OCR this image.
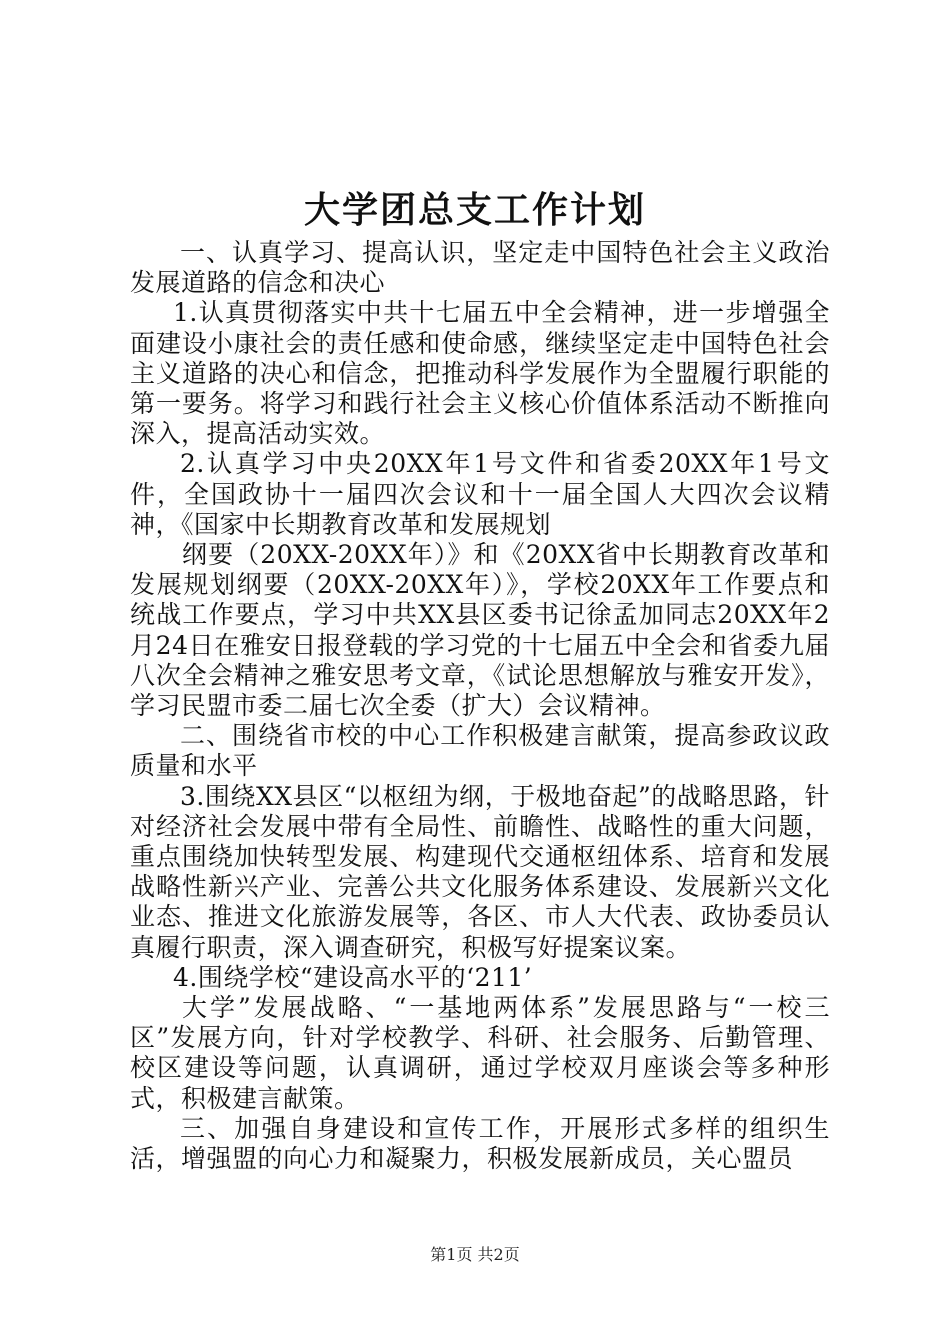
大学团总支工作计划

一、认真学习、提高认识，坚定走中国特色社会主义政治发展道路的信念和决心

1.认真贯彻落实中共十七届五中全会精神，进一步增强全面建设小康社会的责任感和使命感，继续坚定走中国特色社会主义道路的决心和信念，把推动科学发展作为全盟履行职能的第一要务。将学习和践行社会主义核心价值体系活动不断推向深入，提高活动实效。

2.认真学习中央20XX年1号文件和省委20XX年1号文件，全国政协十一届四次会议和十一届全国人大四次会议精神，《国家中长期教育改革和发展规划

纲要（20XX-20XX年）》和《20XX省中长期教育改革和发展规划纲要（20XX-20XX年）》，学校20XX年工作要点和统战工作要点，学习中共XX县区委书记徐孟加同志20XX年2月24日在雅安日报登载的学习党的十七届五中全会和省委九届八次全会精神之雅安思考文章，《试论思想解放与雅安开发》，学习民盟市委二届七次全委（扩大）会议精神。

二、围绕省市校的中心工作积极建言献策，提高参政议政质量和水平

3.围绕XX县区“以枢纽为纲，于极地奋起”的战略思路，针对经济社会发展中带有全局性、前瞻性、战略性的重大问题，重点围绕加快转型发展、构建现代交通枢纽体系、培育和发展战略性新兴产业、完善公共文化服务体系建设、发展新兴文化业态、推进文化旅游发展等，各区、市人大代表、政协委员认真履行职责，深入调查研究，积极写好提案议案。

4.围绕学校“建设高水平的‘211’

大学”发展战略、“一基地两体系”发展思路与“一校三区”发展方向，针对学校教学、科研、社会服务、后勤管理、校区建设等问题，认真调研，通过学校双月座谈会等多种形式，积极建言献策。

三、加强自身建设和宣传工作，开展形式多样的组织生活，增强盟的向心力和凝聚力，积极发展新成员，关心盟员

第1页 共2页
